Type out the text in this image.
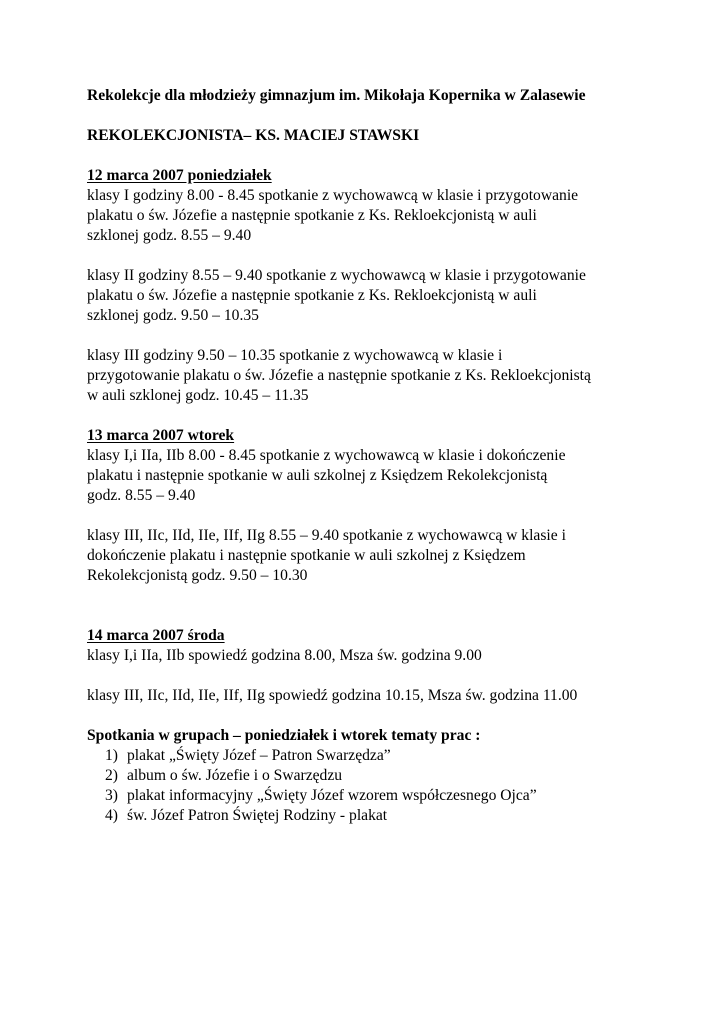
Rekolekcje dla młodzieży gimnazjum im. Mikołaja Kopernika w Zalasewie
REKOLEKCJONISTA– KS. MACIEJ STAWSKI
12 marca 2007 poniedziałek
klasy I godziny 8.00 - 8.45 spotkanie z wychowawcą w klasie i przygotowanie
plakatu o św. Józefie a następnie spotkanie z Ks. Rekloekcjonistą w auli
szklonej godz. 8.55 – 9.40
klasy II godziny 8.55 – 9.40 spotkanie z wychowawcą w klasie i przygotowanie
plakatu o św. Józefie a następnie spotkanie z Ks. Rekloekcjonistą w auli
szklonej godz. 9.50 – 10.35
klasy III godziny 9.50 – 10.35 spotkanie z wychowawcą w klasie i
przygotowanie plakatu o św. Józefie a następnie spotkanie z Ks. Rekloekcjonistą
w auli szklonej godz. 10.45 – 11.35
13 marca 2007 wtorek
klasy I,i IIa, IIb 8.00 - 8.45 spotkanie z wychowawcą w klasie i dokończenie
plakatu i następnie spotkanie w auli szkolnej z Księdzem Rekolekcjonistą
godz. 8.55 – 9.40
klasy III, IIc, IId, IIe, IIf, IIg 8.55 – 9.40 spotkanie z wychowawcą w klasie i
dokończenie plakatu i następnie spotkanie w auli szkolnej z Księdzem
Rekolekcjonistą godz. 9.50 – 10.30
14 marca 2007 środa
klasy I,i IIa, IIb spowiedź godzina 8.00, Msza św. godzina 9.00
klasy III, IIc, IId, IIe, IIf, IIg spowiedź godzina 10.15, Msza św. godzina 11.00
Spotkania w grupach – poniedziałek i wtorek tematy prac :
1) plakat „Święty Józef – Patron Swarzędza”
2) album o św. Józefie i o Swarzędzu
3) plakat informacyjny „Święty Józef wzorem współczesnego Ojca”
4) św. Józef Patron Świętej Rodziny - plakat
